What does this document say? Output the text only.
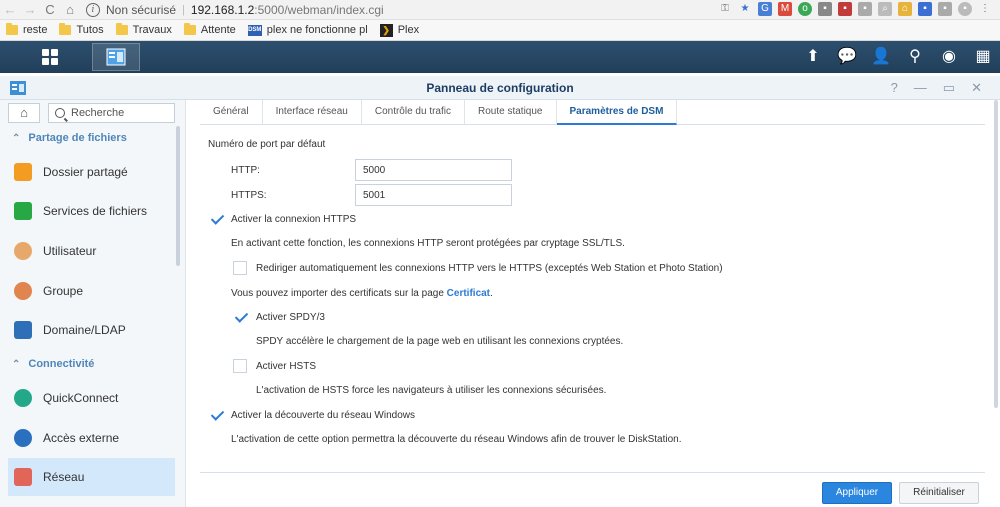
← → C ⌂	i Non sécurisé | 192.168.1.2:5000/webman/index.cgi	⚿	★	G	M	o	▪	▪	▪	⌕	⌂	▪	▪	▪	⋮
reste	Tutos	Travaux	Attente DSM plex ne fonctionne pl	❯ Plex
⬆ 💬 👤	⚲	◉ ▦
Panneau de configuration	? — ▭ ✕
⌂
Recherche
⌃ Partage de fichiers
Dossier partagé
Services de fichiers
Utilisateur
Groupe
Domaine/LDAP
⌃ Connectivité
QuickConnect
Accès externe
Réseau
Général	Interface réseau	Contrôle du trafic	Route statique	Paramètres de DSM
Numéro de port par défaut
HTTP:
5000
HTTPS:
5001
Activer la connexion HTTPS
En activant cette fonction, les connexions HTTP seront protégées par cryptage SSL/TLS.
Rediriger automatiquement les connexions HTTP vers le HTTPS (exceptés Web Station et Photo Station)
Vous pouvez importer des certificats sur la page Certificat.
Activer SPDY/3
SPDY accélère le chargement de la page web en utilisant les connexions cryptées.
Activer HSTS
L'activation de HSTS force les navigateurs à utiliser les connexions sécurisées.
Activer la découverte du réseau Windows
L'activation de cette option permettra la découverte du réseau Windows afin de trouver le DiskStation.
Appliquer	Réinitialiser
